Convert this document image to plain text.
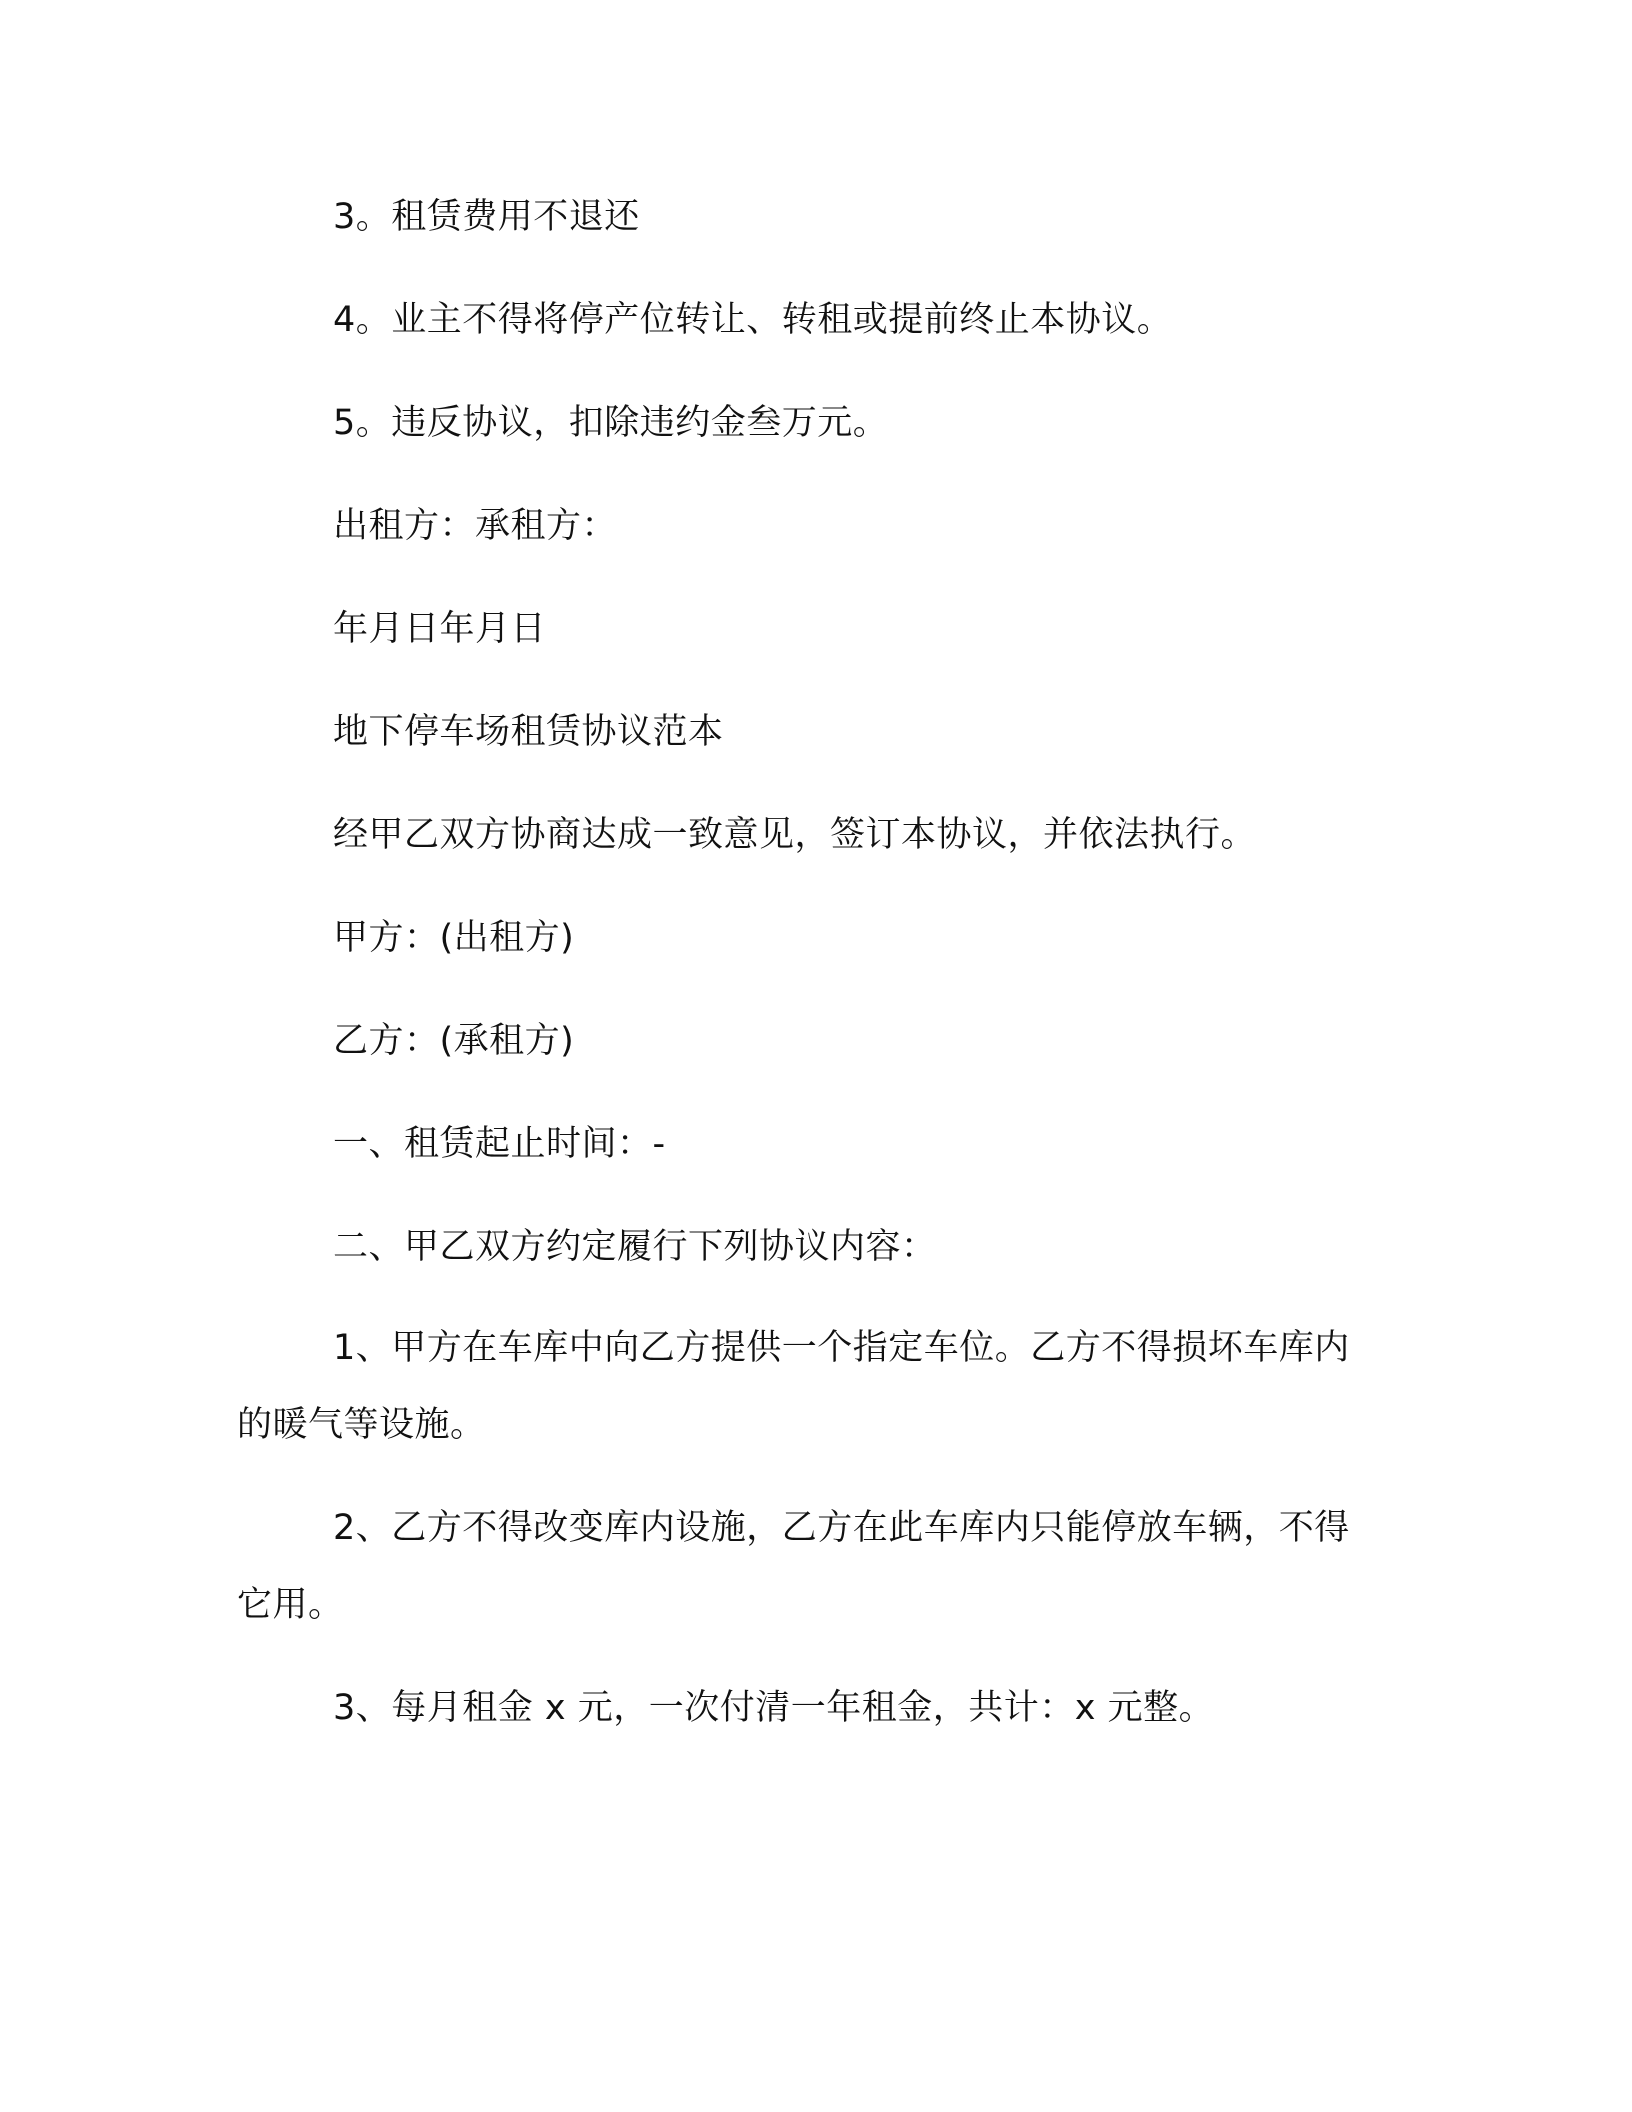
3。租赁费用不退还

4。业主不得将停产位转让、转租或提前终止本协议。

5。违反协议，扣除违约金叁万元。

出租方：承租方：

年月日年月日

地下停车场租赁协议范本

经甲乙双方协商达成一致意见，签订本协议，并依法执行。

甲方：(出租方)

乙方：(承租方)

一、租赁起止时间：-

二、甲乙双方约定履行下列协议内容：

1、甲方在车库中向乙方提供一个指定车位。乙方不得损坏车库内的暖气等设施。

2、乙方不得改变库内设施，乙方在此车库内只能停放车辆，不得它用。

3、每月租金 x 元，一次付清一年租金，共计：x 元整。
